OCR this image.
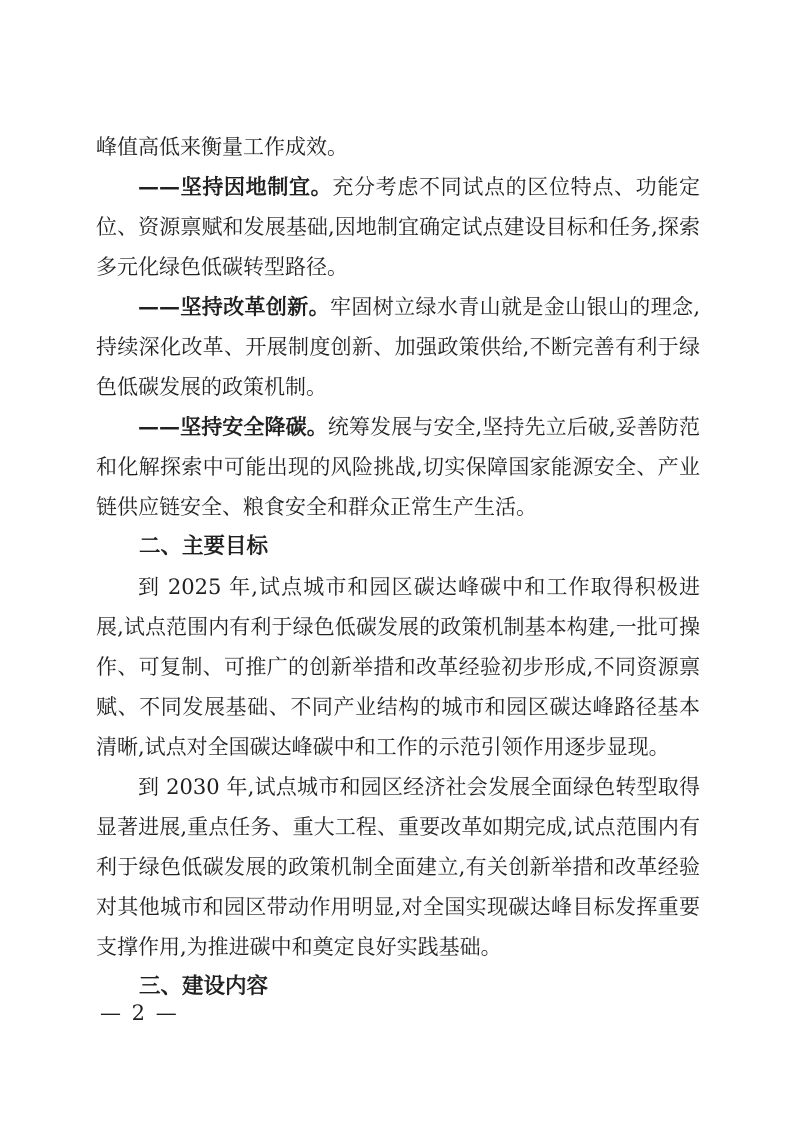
峰值高低来衡量工作成效。

——坚持因地制宜。充分考虑不同试点的区位特点、功能定位、资源禀赋和发展基础,因地制宜确定试点建设目标和任务,探索多元化绿色低碳转型路径。

——坚持改革创新。牢固树立绿水青山就是金山银山的理念,持续深化改革、开展制度创新、加强政策供给,不断完善有利于绿色低碳发展的政策机制。

——坚持安全降碳。统筹发展与安全,坚持先立后破,妥善防范和化解探索中可能出现的风险挑战,切实保障国家能源安全、产业链供应链安全、粮食安全和群众正常生产生活。

二、主要目标

到 2025 年,试点城市和园区碳达峰碳中和工作取得积极进展,试点范围内有利于绿色低碳发展的政策机制基本构建,一批可操作、可复制、可推广的创新举措和改革经验初步形成,不同资源禀赋、不同发展基础、不同产业结构的城市和园区碳达峰路径基本清晰,试点对全国碳达峰碳中和工作的示范引领作用逐步显现。

到 2030 年,试点城市和园区经济社会发展全面绿色转型取得显著进展,重点任务、重大工程、重要改革如期完成,试点范围内有利于绿色低碳发展的政策机制全面建立,有关创新举措和改革经验对其他城市和园区带动作用明显,对全国实现碳达峰目标发挥重要支撑作用,为推进碳中和奠定良好实践基础。

三、建设内容

— 2 —
